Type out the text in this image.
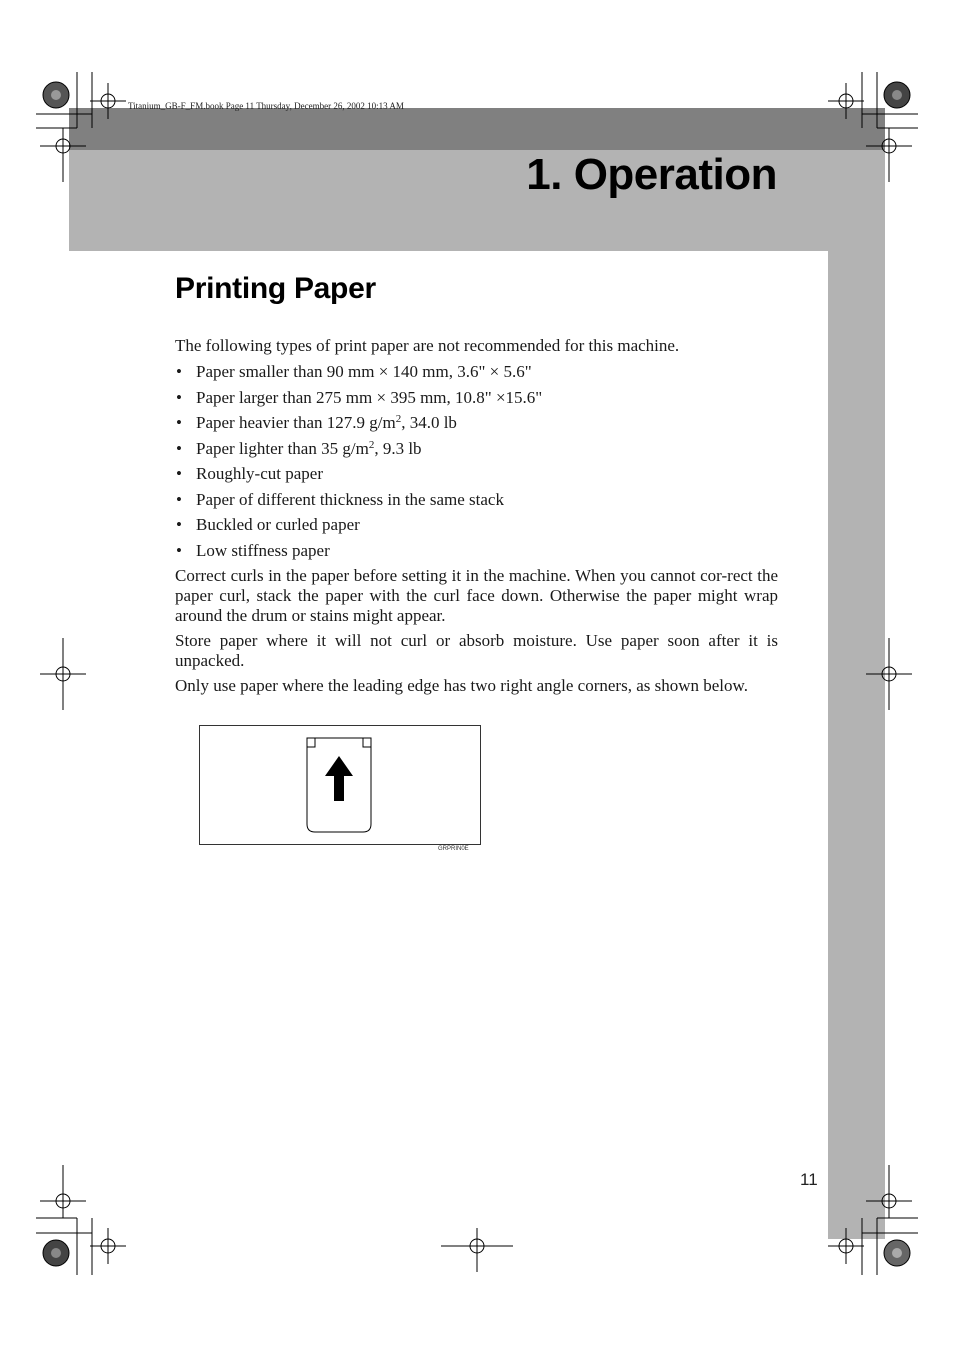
Titanium_GB-F_FM.book Page 11 Thursday, December 26, 2002 10:13 AM
1. Operation
Printing Paper

The following types of print paper are not recommended for this machine.

• Paper smaller than 90 mm × 140 mm, 3.6" × 5.6"
• Paper larger than 275 mm × 395 mm, 10.8" ×15.6"
• Paper heavier than 127.9 $g/m^2$, 34.0 lb
• Paper lighter than 35 $g/m^2$, 9.3 lb
• Roughly-cut paper
• Paper of different thickness in the same stack
• Buckled or curled paper
• Low stiffness paper

Correct curls in the paper before setting it in the machine. When you cannot cor-rect the paper curl, stack the paper with the curl face down. Otherwise the paper might wrap around the drum or stains might appear.

Store paper where it will not curl or absorb moisture. Use paper soon after it is unpacked.

Only use paper where the leading edge has two right angle corners, as shown below.

GRPRIN0E
11
